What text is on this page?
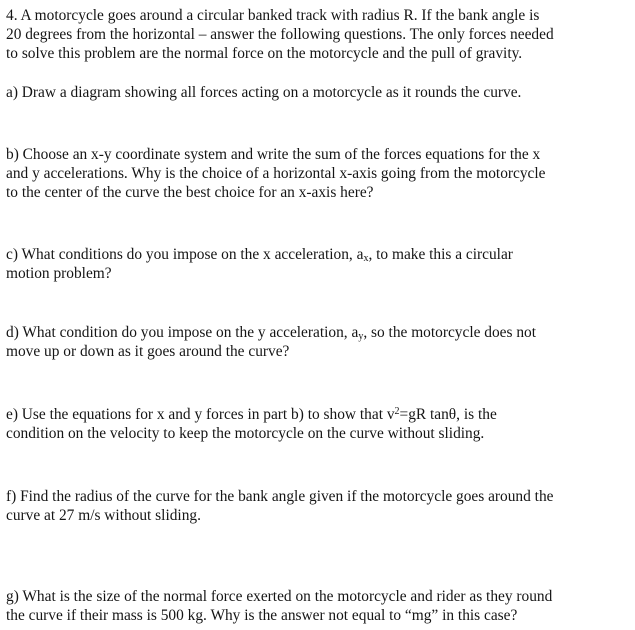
4. A motorcycle goes around a circular banked track with radius R. If the bank angle is
20 degrees from the horizontal – answer the following questions. The only forces needed
to solve this problem are the normal force on the motorcycle and the pull of gravity.
a) Draw a diagram showing all forces acting on a motorcycle as it rounds the curve.
b) Choose an x-y coordinate system and write the sum of the forces equations for the x
and y accelerations. Why is the choice of a horizontal x-axis going from the motorcycle
to the center of the curve the best choice for an x-axis here?
c) What conditions do you impose on the x acceleration, $a_x$, to make this a circular
motion problem?
d) What condition do you impose on the y acceleration, $a_y$, so the motorcycle does not
move up or down as it goes around the curve?
e) Use the equations for x and y forces in part b) to show that $v^2=gR$ tanθ, is the
condition on the velocity to keep the motorcycle on the curve without sliding.
f) Find the radius of the curve for the bank angle given if the motorcycle goes around the
curve at 27 m/s without sliding.
g) What is the size of the normal force exerted on the motorcycle and rider as they round
the curve if their mass is 500 kg. Why is the answer not equal to “mg” in this case?
